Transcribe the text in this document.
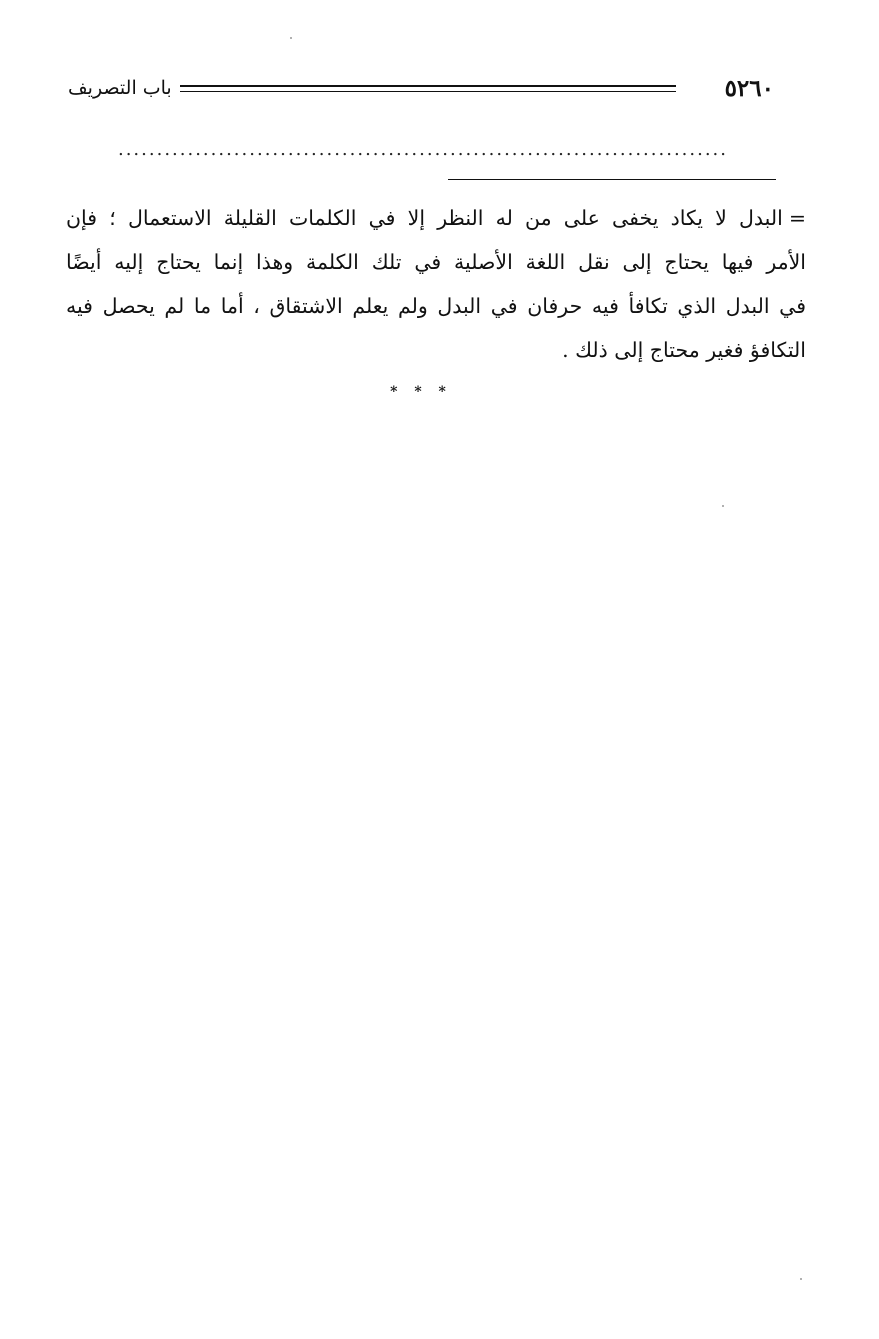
٥٢٦٠
باب التصريف
...............................................................................
=البدل لا يكاد يخفى على من له النظر إلا في الكلمات القليلة الاستعمال ؛ فإن
الأمر فيها يحتاج إلى نقل اللغة الأصلية في تلك الكلمة وهذا إنما يحتاج إليه أيضًا
في البدل الذي تكافأ فيه حرفان في البدل ولم يعلم الاشتقاق ، أما ما لم يحصل فيه
التكافؤ فغير محتاج إلى ذلك .
* * *
